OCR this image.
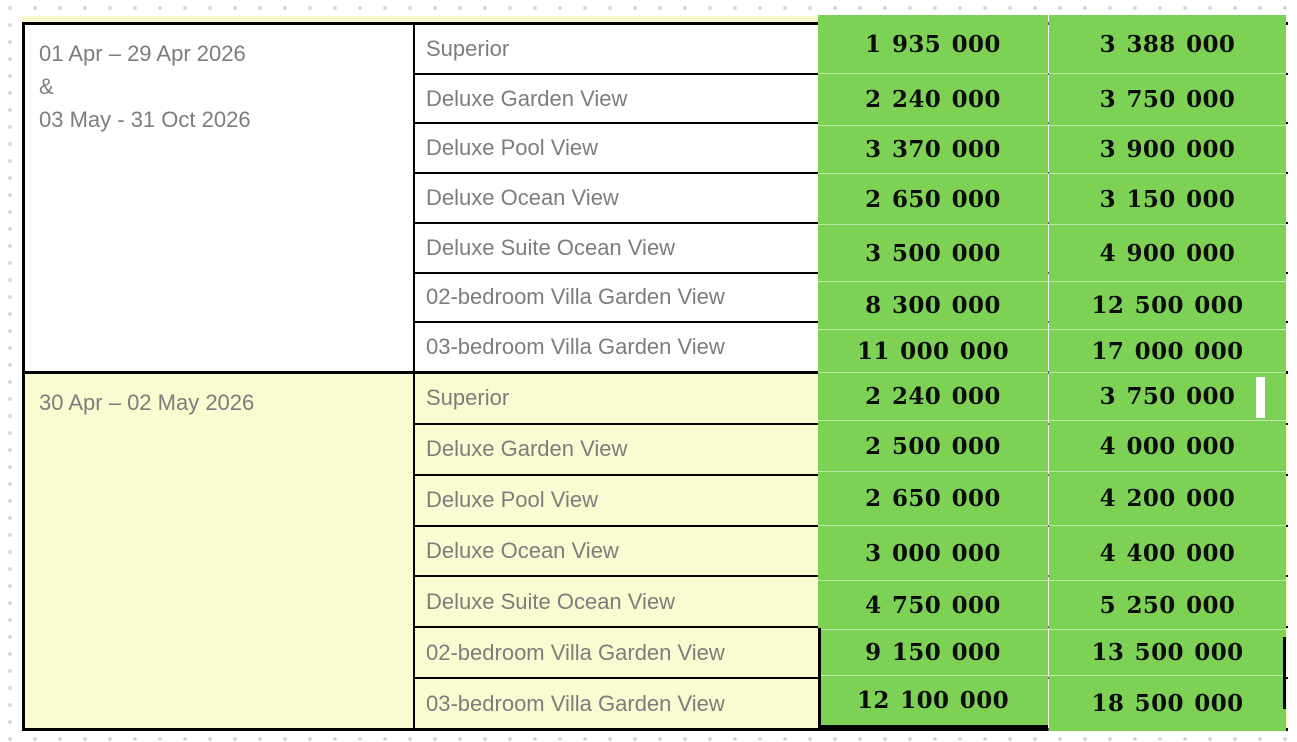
01 Apr – 29 Apr 2026
&
03 May - 31 Oct 2026
Superior
Deluxe Garden View
Deluxe Pool View
Deluxe Ocean View
Deluxe Suite Ocean View
02-bedroom Villa Garden View
03-bedroom Villa Garden View
30 Apr – 02 May 2026	Superior
Deluxe Garden View
Deluxe Pool View
Deluxe Ocean View
Deluxe Suite Ocean View
02-bedroom Villa Garden View
03-bedroom Villa Garden View
1 935 000
2 240 000
3 370 000
2 650 000
3 500 000
8 300 000
11 000 000
2 240 000
2 500 000
2 650 000
3 000 000
4 750 000
9 150 000
12 100 000
3 388 000
3 750 000
3 900 000
3 150 000
4 900 000
12 500 000
17 000 000
3 750 000
4 000 000
4 200 000
4 400 000
5 250 000
13 500 000
18 500 000
